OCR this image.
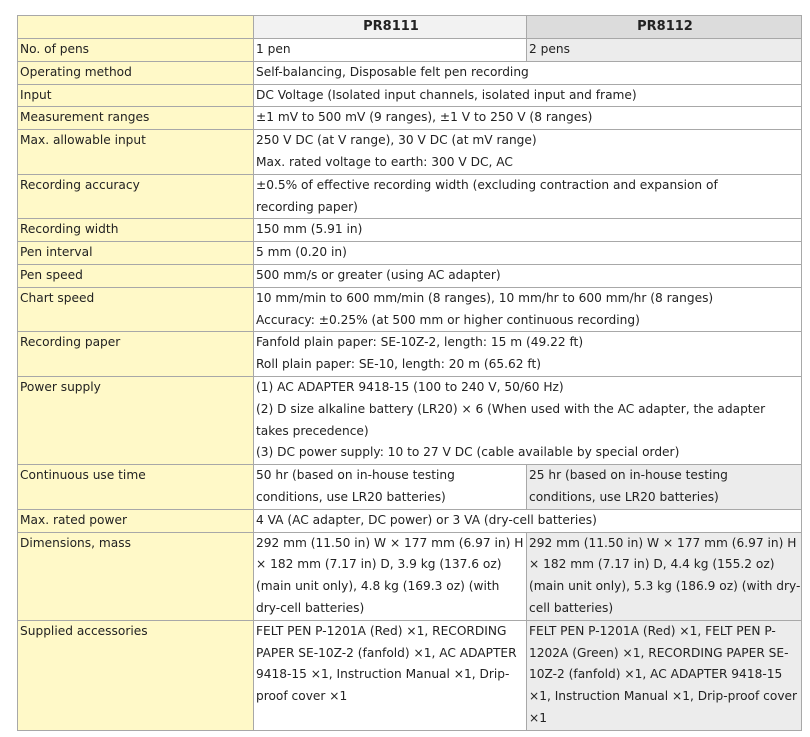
	PR8111	PR8112
No. of pens	1 pen	2 pens
Operating method	Self-balancing, Disposable felt pen recording	
Input	DC Voltage (Isolated input channels, isolated input and frame)	
Measurement ranges	±1 mV to 500 mV (9 ranges), ±1 V to 250 V (8 ranges)	
Max. allowable input	250 V DC (at V range), 30 V DC (at mV range)
Max. rated voltage to earth: 300 V DC, AC	

Recording accuracy	±0.5% of effective recording width (excluding contraction and expansion of recording paper)	

Recording width	150 mm (5.91 in)	
Pen interval	5 mm (0.20 in)	
Pen speed	500 mm/s or greater (using AC adapter)	
Chart speed	10 mm/min to 600 mm/min (8 ranges), 10 mm/hr to 600 mm/hr (8 ranges)
Accuracy: ±0.25% (at 500 mm or higher continuous recording)	

Recording paper	Fanfold plain paper: SE-10Z-2, length: 15 m (49.22 ft)
Roll plain paper: SE-10, length: 20 m (65.62 ft)	

Power supply	(1) AC ADAPTER 9418-15 (100 to 240 V, 50/60 Hz)
(2) D size alkaline battery (LR20) × 6 (When used with the AC adapter, the adapter takes precedence)
(3) DC power supply: 10 to 27 V DC (cable available by special order)	

Continuous use time	50 hr (based on in-house testing conditions, use LR20 batteries)	25 hr (based on in-house testing conditions, use LR20 batteries)

Max. rated power	4 VA (AC adapter, DC power) or 3 VA (dry-cell batteries)	
Dimensions, mass	292 mm (11.50 in) W × 177 mm (6.97 in) H × 182 mm (7.17 in) D, 3.9 kg (137.6 oz) (main unit only), 4.8 kg (169.3 oz) (with dry-cell batteries)	292 mm (11.50 in) W × 177 mm (6.97 in) H × 182 mm (7.17 in) D, 4.4 kg (155.2 oz) (main unit only), 5.3 kg (186.9 oz) (with dry-cell batteries)

Supplied accessories	FELT PEN P-1201A (Red) ×1, RECORDING PAPER SE-10Z-2 (fanfold) ×1, AC ADAPTER 9418-15 ×1, Instruction Manual ×1, Drip-proof cover ×1	FELT PEN P-1201A (Red) ×1, FELT PEN P-1202A (Green) ×1, RECORDING PAPER SE-10Z-2 (fanfold) ×1, AC ADAPTER 9418-15 ×1, Instruction Manual ×1, Drip-proof cover ×1
